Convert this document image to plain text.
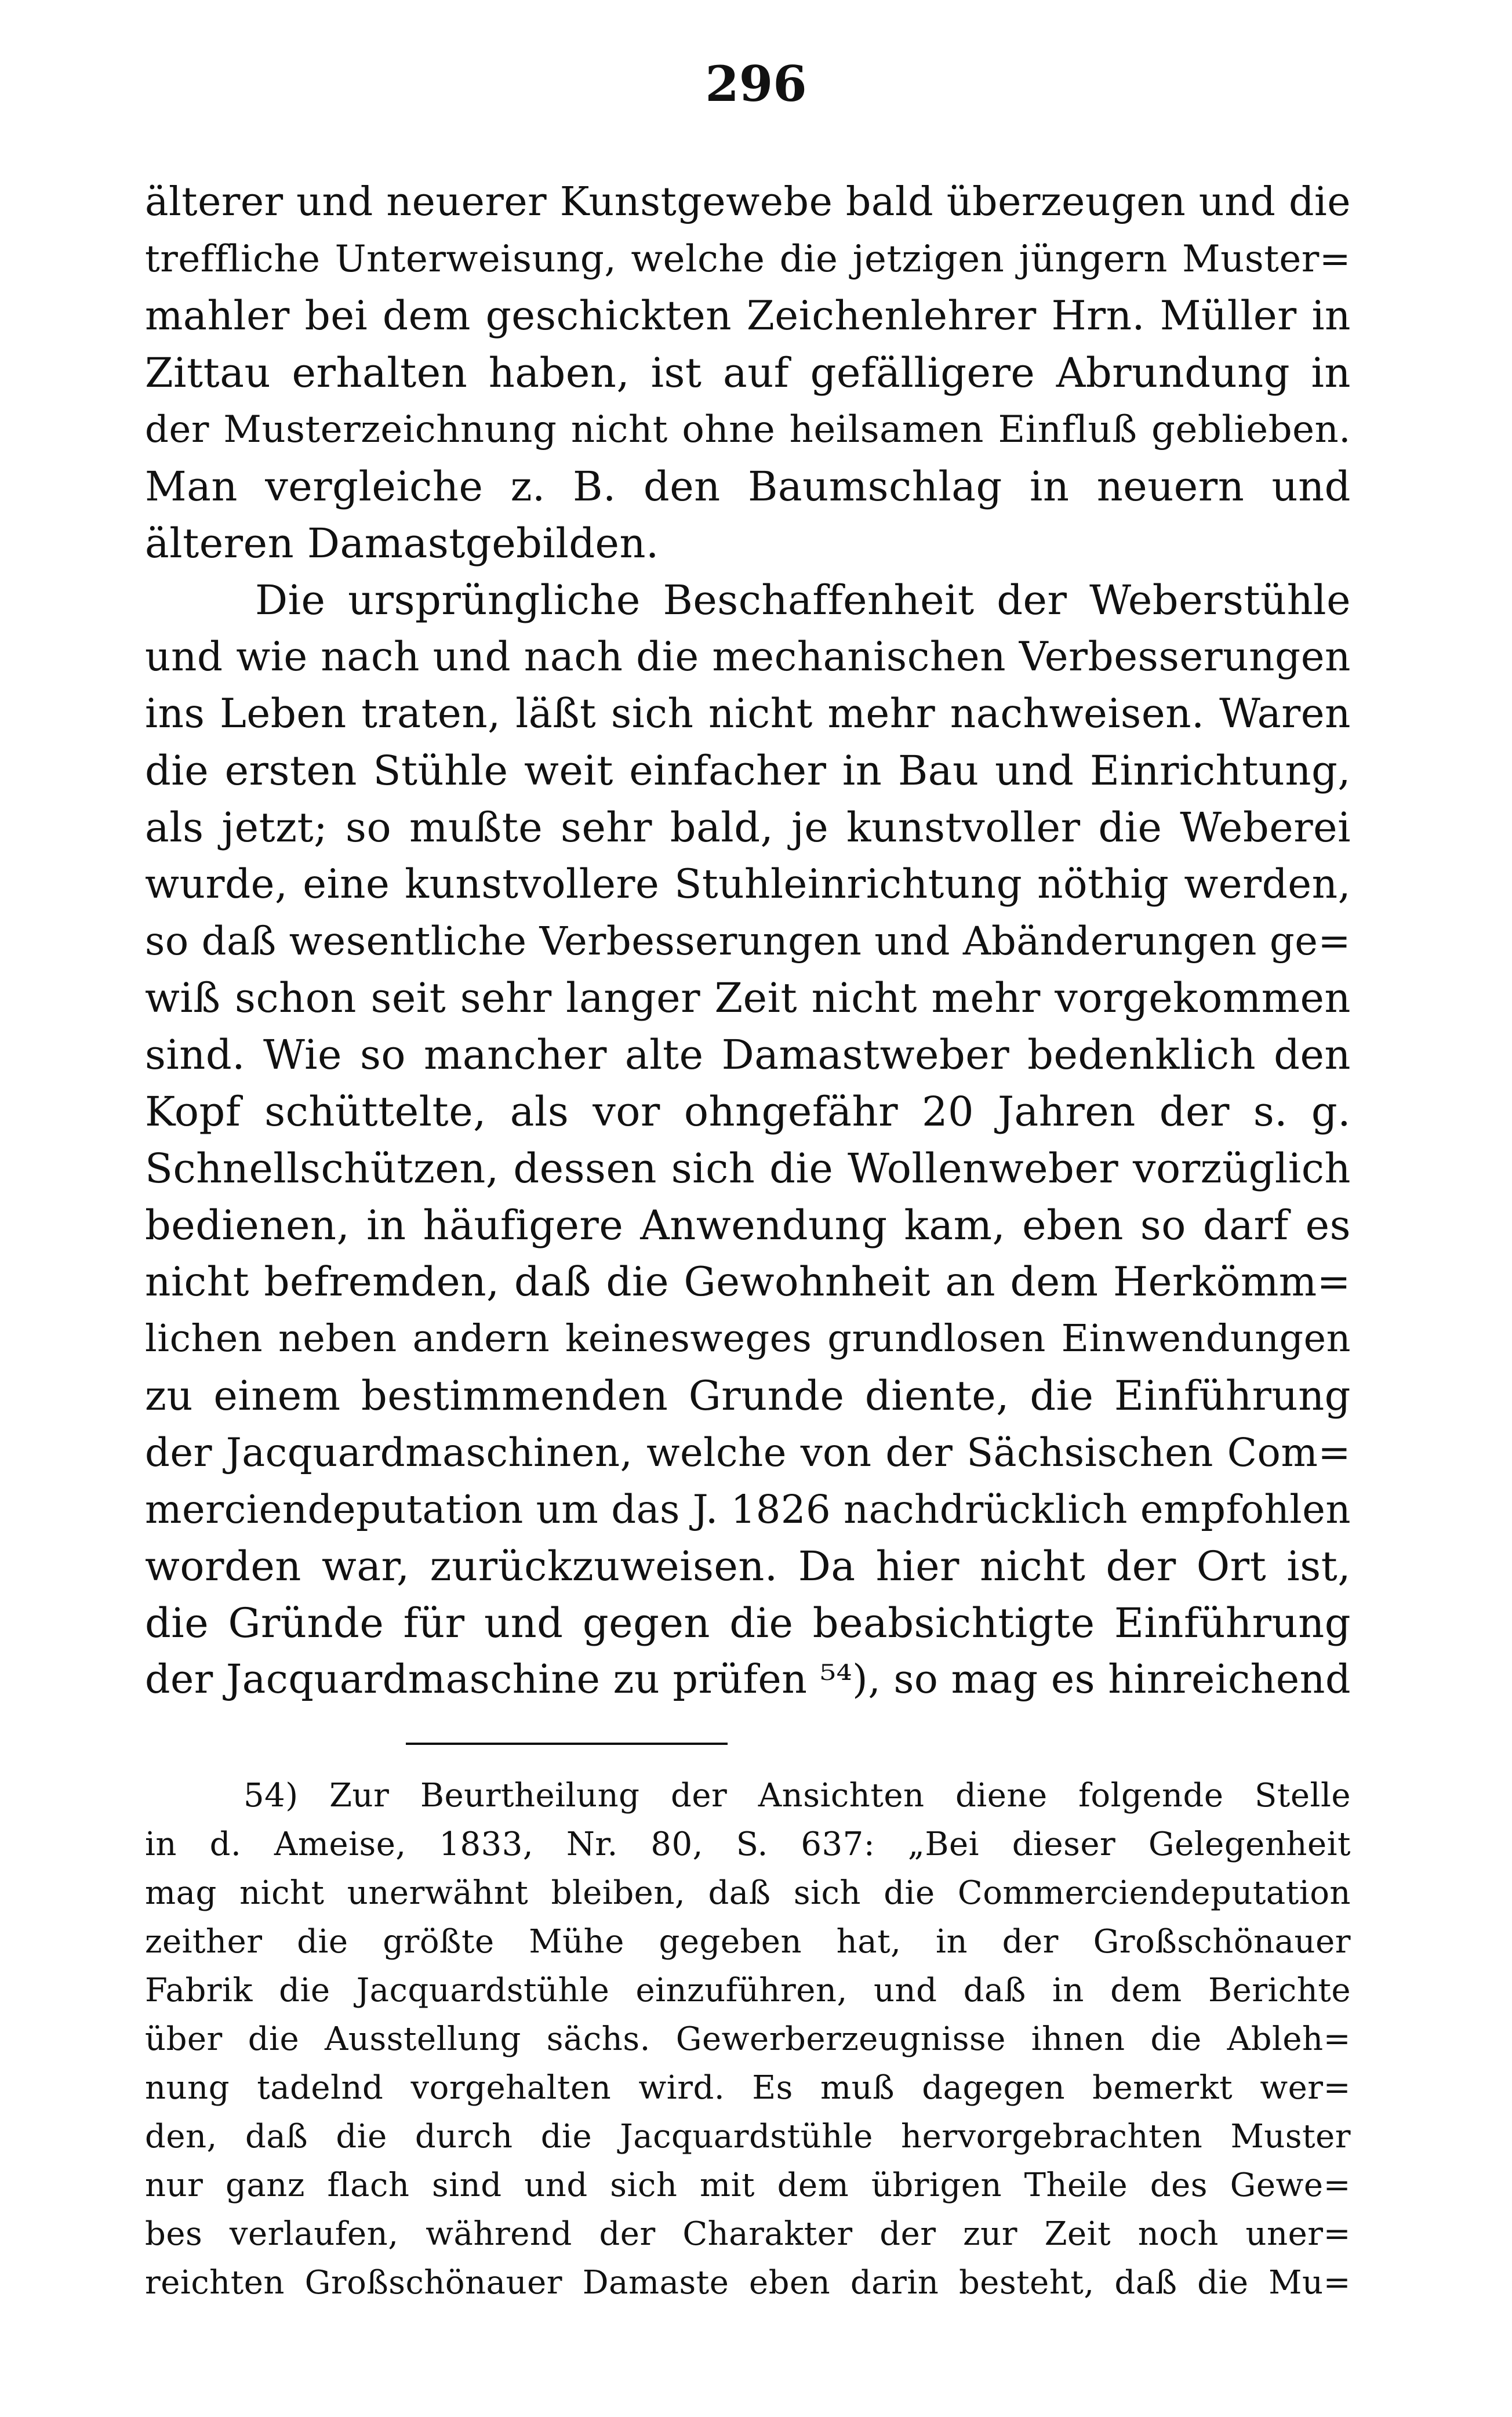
296

älterer und neuerer Kunstgewebe bald überzeugen und die
treffliche Unterweisung, welche die jetzigen jüngern Muster=
mahler bei dem geschickten Zeichenlehrer Hrn. Müller in
Zittau erhalten haben, ist auf gefälligere Abrundung in
der Musterzeichnung nicht ohne heilsamen Einfluß geblieben.
Man vergleiche z. B. den Baumschlag in neuern und
älteren Damastgebilden.
Die ursprüngliche Beschaffenheit der Weberstühle
und wie nach und nach die mechanischen Verbesserungen
ins Leben traten, läßt sich nicht mehr nachweisen. Waren
die ersten Stühle weit einfacher in Bau und Einrichtung,
als jetzt; so mußte sehr bald, je kunstvoller die Weberei
wurde, eine kunstvollere Stuhleinrichtung nöthig werden,
so daß wesentliche Verbesserungen und Abänderungen ge=
wiß schon seit sehr langer Zeit nicht mehr vorgekommen
sind. Wie so mancher alte Damastweber bedenklich den
Kopf schüttelte, als vor ohngefähr 20 Jahren der s. g.
Schnellschützen, dessen sich die Wollenweber vorzüglich
bedienen, in häufigere Anwendung kam, eben so darf es
nicht befremden, daß die Gewohnheit an dem Herkömm=
lichen neben andern keinesweges grundlosen Einwendungen
zu einem bestimmenden Grunde diente, die Einführung
der Jacquardmaschinen, welche von der Sächsischen Com=
merciendeputation um das J. 1826 nachdrücklich empfohlen
worden war, zurückzuweisen. Da hier nicht der Ort ist,
die Gründe für und gegen die beabsichtigte Einführung
der Jacquardmaschine zu prüfen ⁵⁴), so mag es hinreichend
54) Zur Beurtheilung der Ansichten diene folgende Stelle
in d. Ameise, 1833, Nr. 80, S. 637: „Bei dieser Gelegenheit
mag nicht unerwähnt bleiben, daß sich die Commerciendeputation
zeither die größte Mühe gegeben hat, in der Großschönauer
Fabrik die Jacquardstühle einzuführen, und daß in dem Berichte
über die Ausstellung sächs. Gewerberzeugnisse ihnen die Ableh=
nung tadelnd vorgehalten wird. Es muß dagegen bemerkt wer=
den, daß die durch die Jacquardstühle hervorgebrachten Muster
nur ganz flach sind und sich mit dem übrigen Theile des Gewe=
bes verlaufen, während der Charakter der zur Zeit noch uner=
reichten Großschönauer Damaste eben darin besteht, daß die Mu=
